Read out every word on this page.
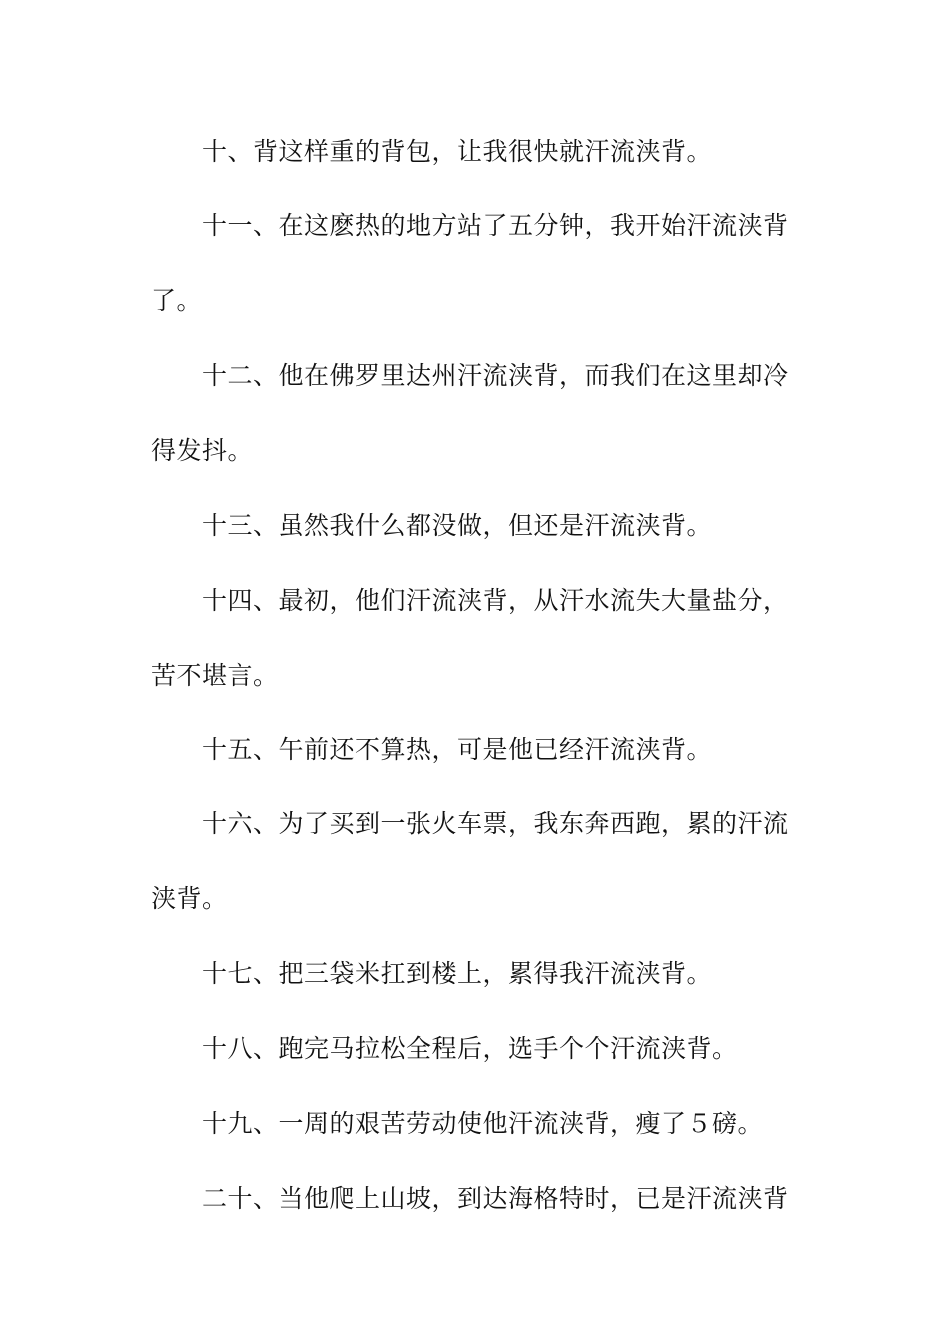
十、背这样重的背包，让我很快就汗流浃背。
十一、在这麽热的地方站了五分钟，我开始汗流浃背
了。
十二、他在佛罗里达州汗流浃背，而我们在这里却冷
得发抖。
十三、虽然我什么都没做，但还是汗流浃背。
十四、最初，他们汗流浃背，从汗水流失大量盐分，
苦不堪言。
十五、午前还不算热，可是他已经汗流浃背。
十六、为了买到一张火车票，我东奔西跑，累的汗流
浃背。
十七、把三袋米扛到楼上，累得我汗流浃背。
十八、跑完马拉松全程后，选手个个汗流浃背。
十九、一周的艰苦劳动使他汗流浃背，瘦了５磅。
二十、当他爬上山坡，到达海格特时，已是汗流浃背
